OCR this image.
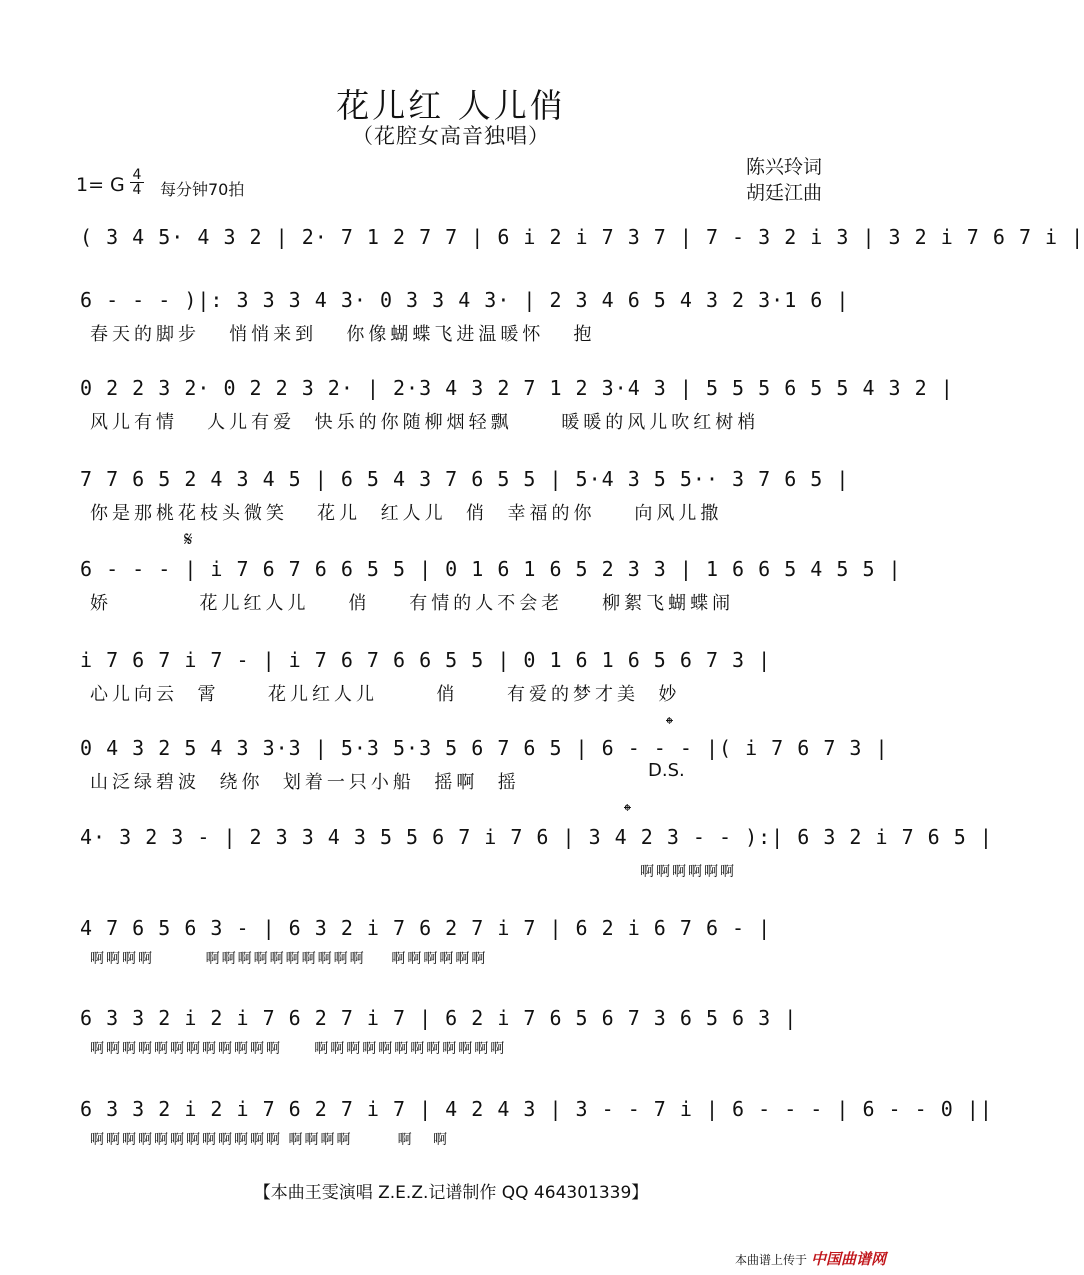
花儿红 人儿俏
（花腔女高音独唱）
陈兴玲词
胡廷江曲
1= G 4
4 每分钟70拍
( 3 4 5· 4 3 2 | 2· 7 1 2 7 7 | 6 i 2 i 7 3 7 | 7 - 3 2 i 3 | 3 2 i 7 6 7 i |
6 - - - )|: 3 3 3 4 3· 0 3 3 4 3· | 2 3 4 6 5 4 3 2 3·1 6 |
春天的脚步   悄悄来到   你像蝴蝶飞进温暖怀   抱
0 2 2 3 2· 0 2 2 3 2· | 2·3 4 3 2 7 1 2 3·4 3 | 5 5 5 6 5 5 4 3 2 |
风儿有情   人儿有爱  快乐的你随柳烟轻飘     暖暖的风儿吹红树梢
7 7 6 5 2 4 3 4 5 | 6 5 4 3 7 6 5 5 | 5·4 3 5 5·· 3 7 6 5 |
你是那桃花枝头微笑   花儿  红人儿  俏  幸福的你    向风儿撒
𝄋
6 - - - | i 7 6 7 6 6 5 5 | 0 1 6 1 6 5 2 3 3 | 1 6 6 5 4 5 5 |
娇         花儿红人儿    俏    有情的人不会老    柳絮飞蝴蝶闹
i 7 6 7 i 7 - | i 7 6 7 6 6 5 5 | 0 1 6 1 6 5 6 7 3 |
心儿向云  霄     花儿红人儿      俏     有爱的梦才美  妙
𝄌
0 4 3 2 5 4 3 3·3 | 5·3 5·3 5 6 7 6 5 | 6 - - - |( i 7 6 7 3 |
山泛绿碧波  绕你  划着一只小船  摇啊  摇
D.S.
𝄌
4· 3 2 3 - | 2 3 3 4 3 5 5 6 7 i 7 6 | 3 4 2 3 - - ):| 6 3 2 i 7 6 5 |
啊啊啊啊啊啊
4 7 6 5 6 3 - | 6 3 2 i 7 6 2 7 i 7 | 6 2 i 6 7 6 - |
啊啊啊啊        啊啊啊啊啊啊啊啊啊啊    啊啊啊啊啊啊
6 3 3 2 i 2 i 7 6 2 7 i 7 | 6 2 i 7 6 5 6 7 3 6 5 6 3 |
啊啊啊啊啊啊啊啊啊啊啊啊     啊啊啊啊啊啊啊啊啊啊啊啊
6 3 3 2 i 2 i 7 6 2 7 i 7 | 4 2 4 3 | 3 - - 7 i | 6 - - - | 6 - - 0 ||
啊啊啊啊啊啊啊啊啊啊啊啊 啊啊啊啊       啊   啊
【本曲王雯演唱 Z.E.Z.记谱制作 QQ 464301339】
本曲谱上传于 中国曲谱网
